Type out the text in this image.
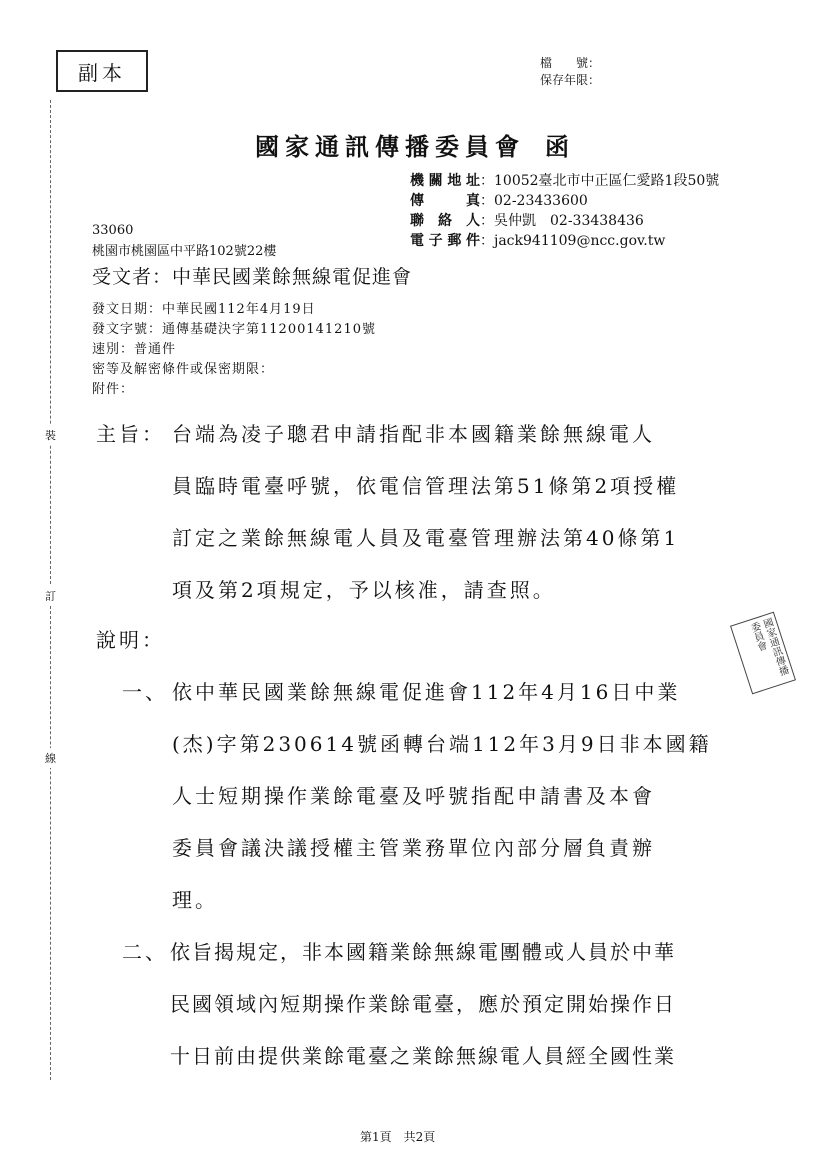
副本	檔　　號：
保存年限：
國家通訊傳播委員會 函
機關地址：10052臺北市中正區仁愛路1段50號
傳　　真：02-23433600
聯 絡 人：吳仲凱　02-33438436
電子郵件：jack941109@ncc.gov.tw
33060
桃園市桃園區中平路102號22樓
受文者：中華民國業餘無線電促進會
發文日期：中華民國112年4月19日
發文字號：通傳基礎決字第11200141210號
速別：普通件
密等及解密條件或保密期限：
附件：
主旨： 台端為凌子聰君申請指配非本國籍業餘無線電人
員臨時電臺呼號，依電信管理法第51條第2項授權
訂定之業餘無線電人員及電臺管理辦法第40條第1
項及第2項規定，予以核准，請查照。
說明：
一、 依中華民國業餘無線電促進會112年4月16日中業
(杰)字第230614號函轉台端112年3月9日非本國籍
人士短期操作業餘電臺及呼號指配申請書及本會
委員會議決議授權主管業務單位內部分層負責辦
理。
二、 依旨揭規定，非本國籍業餘無線電團體或人員於中華
民國領域內短期操作業餘電臺，應於預定開始操作日
十日前由提供業餘電臺之業餘無線電人員經全國性業
裝
訂
線
國家通訊傳播委員會
第1頁　共2頁
